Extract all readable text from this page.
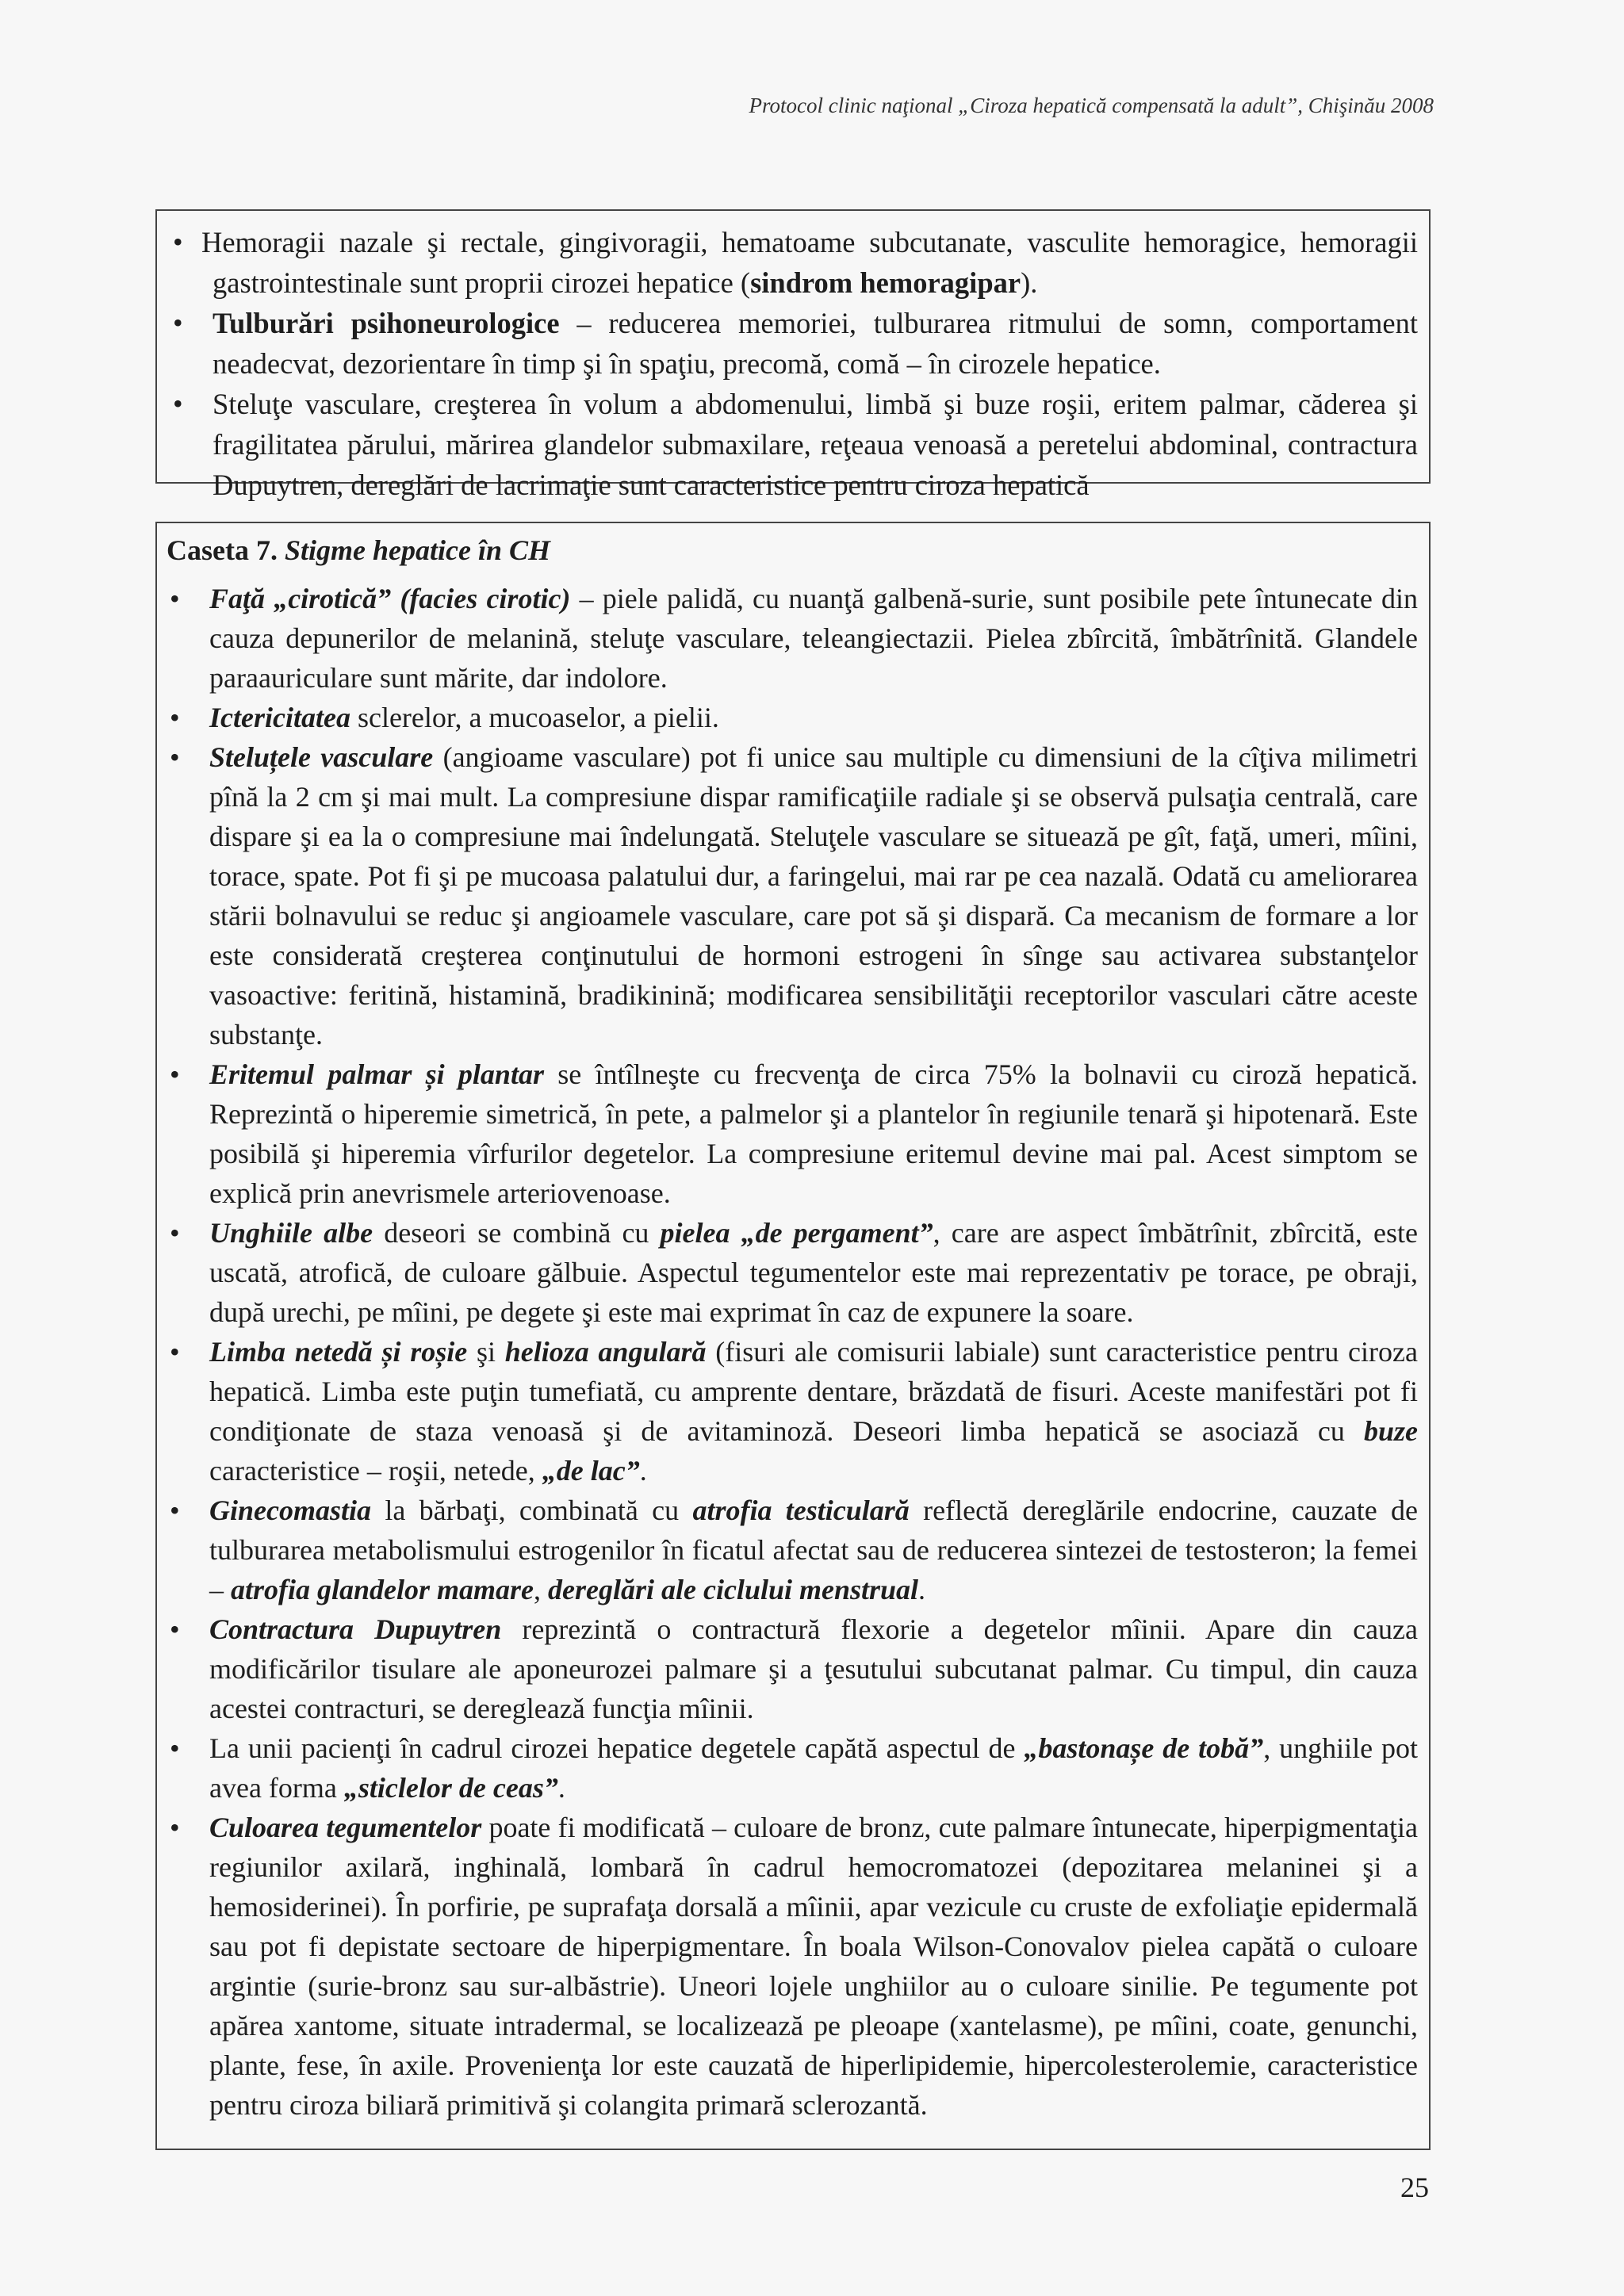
Protocol clinic naţional „Ciroza hepatică compensată la adult”, Chişinău 2008
• Hemoragii nazale şi rectale, gingivoragii, hematoame subcutanate, vasculite hemoragice, hemoragii gastrointestinale sunt proprii cirozei hepatice (sindrom hemoragipar).
• Tulburări psihoneurologice – reducerea memoriei, tulburarea ritmului de somn, comportament neadecvat, dezorientare în timp şi în spaţiu, precomă, comă – în cirozele hepatice.
• Steluţe vasculare, creşterea în volum a abdomenului, limbă şi buze roşii, eritem palmar, căderea şi fragilitatea părului, mărirea glandelor submaxilare, reţeaua venoasă a peretelui abdominal, contractura Dupuytren, dereglări de lacrimaţie sunt caracteristice pentru ciroza hepatică
Caseta 7. Stigme hepatice în CH
• Faţă „cirotică” (facies cirotic) – piele palidă, cu nuanţă galbenă-surie, sunt posibile pete întunecate din cauza depunerilor de melanină, steluţe vasculare, teleangiectazii. Pielea zbîrcită, îmbătrînită. Glandele paraauriculare sunt mărite, dar indolore.
• Ictericitatea sclerelor, a mucoaselor, a pielii.
• Steluțele vasculare (angioame vasculare) pot fi unice sau multiple cu dimensiuni de la cîţiva milimetri pînă la 2 cm şi mai mult. La compresiune dispar ramificaţiile radiale şi se observă pulsaţia centrală, care dispare şi ea la o compresiune mai îndelungată. Steluţele vasculare se situează pe gît, faţă, umeri, mîini, torace, spate. Pot fi şi pe mucoasa palatului dur, a faringelui, mai rar pe cea nazală. Odată cu ameliorarea stării bolnavului se reduc şi angioamele vasculare, care pot să şi dispară. Ca mecanism de formare a lor este considerată creşterea conţinutului de hormoni estrogeni în sînge sau activarea substanţelor vasoactive: feritină, histamină, bradikinină; modificarea sensibilităţii receptorilor vasculari către aceste substanţe.
• Eritemul palmar și plantar se întîlneşte cu frecvenţa de circa 75% la bolnavii cu ciroză hepatică. Reprezintă o hiperemie simetrică, în pete, a palmelor şi a plantelor în regiunile tenară şi hipotenară. Este posibilă şi hiperemia vîrfurilor degetelor. La compresiune eritemul devine mai pal. Acest simptom se explică prin anevrismele arteriovenoase.
• Unghiile albe deseori se combină cu pielea „de pergament”, care are aspect îmbătrînit, zbîrcită, este uscată, atrofică, de culoare gălbuie. Aspectul tegumentelor este mai reprezentativ pe torace, pe obraji, după urechi, pe mîini, pe degete şi este mai exprimat în caz de expunere la soare.
• Limba netedă și roșie şi helioza angulară (fisuri ale comisurii labiale) sunt caracteristice pentru ciroza hepatică. Limba este puţin tumefiată, cu amprente dentare, brăzdată de fisuri. Aceste manifestări pot fi condiţionate de staza venoasă şi de avitaminoză. Deseori limba hepatică se asociază cu buze caracteristice – roşii, netede, „de lac”.
• Ginecomastia la bărbaţi, combinată cu atrofia testiculară reflectă dereglările endocrine, cauzate de tulburarea metabolismului estrogenilor în ficatul afectat sau de reducerea sintezei de testosteron; la femei – atrofia glandelor mamare, dereglări ale ciclului menstrual.
• Contractura Dupuytren reprezintă o contractură flexorie a degetelor mîinii. Apare din cauza modificărilor tisulare ale aponeurozei palmare şi a ţesutului subcutanat palmar. Cu timpul, din cauza acestei contracturi, se deregleazǎ funcţia mîinii.
• La unii pacienţi în cadrul cirozei hepatice degetele capătă aspectul de „bastonașe de tobă”, unghiile pot avea forma „sticlelor de ceas”.
• Culoarea tegumentelor poate fi modificată – culoare de bronz, cute palmare întunecate, hiperpigmentaţia regiunilor axilară, inghinală, lombară în cadrul hemocromatozei (depozitarea melaninei şi a hemosiderinei). În porfirie, pe suprafaţa dorsală a mîinii, apar vezicule cu cruste de exfoliaţie epidermală sau pot fi depistate sectoare de hiperpigmentare. În boala Wilson-Conovalov pielea capătă o culoare argintie (surie-bronz sau sur-albăstrie). Uneori lojele unghiilor au o culoare sinilie. Pe tegumente pot apărea xantome, situate intradermal, se localizează pe pleoape (xantelasme), pe mîini, coate, genunchi, plante, fese, în axile. Provenienţa lor este cauzată de hiperlipidemie, hipercolesterolemie, caracteristice pentru ciroza biliară primitivă şi colangita primară sclerozantă.
25
